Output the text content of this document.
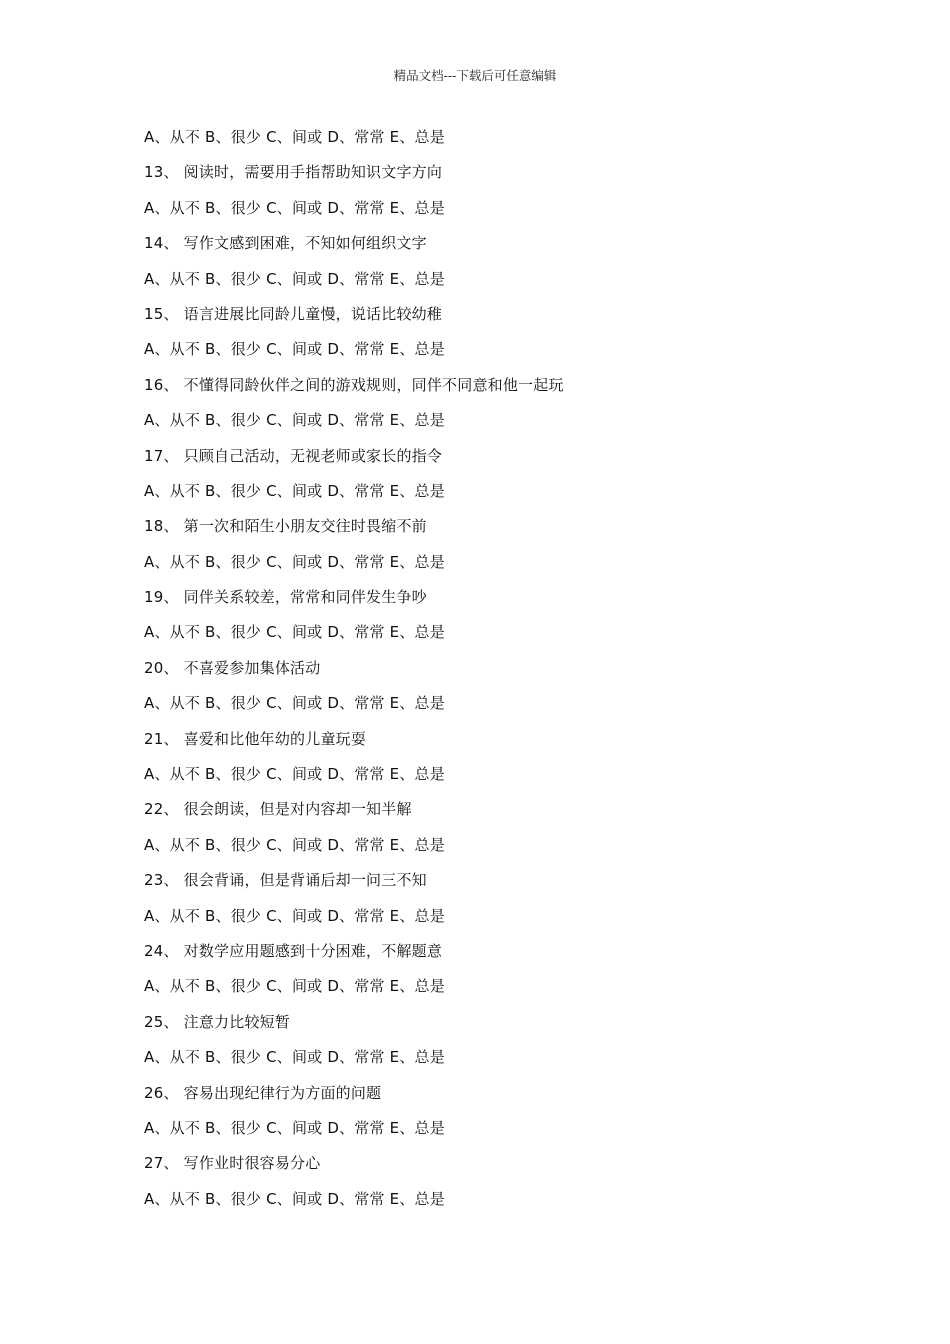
精品文档---下载后可任意编辑
A、从不 B、很少 C、间或 D、常常 E、总是
13、 阅读时，需要用手指帮助知识文字方向
A、从不 B、很少 C、间或 D、常常 E、总是
14、 写作文感到困难，不知如何组织文字
A、从不 B、很少 C、间或 D、常常 E、总是
15、 语言进展比同龄儿童慢，说话比较幼稚
A、从不 B、很少 C、间或 D、常常 E、总是
16、 不懂得同龄伙伴之间的游戏规则，同伴不同意和他一起玩
A、从不 B、很少 C、间或 D、常常 E、总是
17、 只顾自己活动，无视老师或家长的指令
A、从不 B、很少 C、间或 D、常常 E、总是
18、 第一次和陌生小朋友交往时畏缩不前
A、从不 B、很少 C、间或 D、常常 E、总是
19、 同伴关系较差，常常和同伴发生争吵
A、从不 B、很少 C、间或 D、常常 E、总是
20、 不喜爱参加集体活动
A、从不 B、很少 C、间或 D、常常 E、总是
21、 喜爱和比他年幼的儿童玩耍
A、从不 B、很少 C、间或 D、常常 E、总是
22、 很会朗读，但是对内容却一知半解
A、从不 B、很少 C、间或 D、常常 E、总是
23、 很会背诵，但是背诵后却一问三不知
A、从不 B、很少 C、间或 D、常常 E、总是
24、 对数学应用题感到十分困难，不解题意
A、从不 B、很少 C、间或 D、常常 E、总是
25、 注意力比较短暂
A、从不 B、很少 C、间或 D、常常 E、总是
26、 容易出现纪律行为方面的问题
A、从不 B、很少 C、间或 D、常常 E、总是
27、 写作业时很容易分心
A、从不 B、很少 C、间或 D、常常 E、总是
